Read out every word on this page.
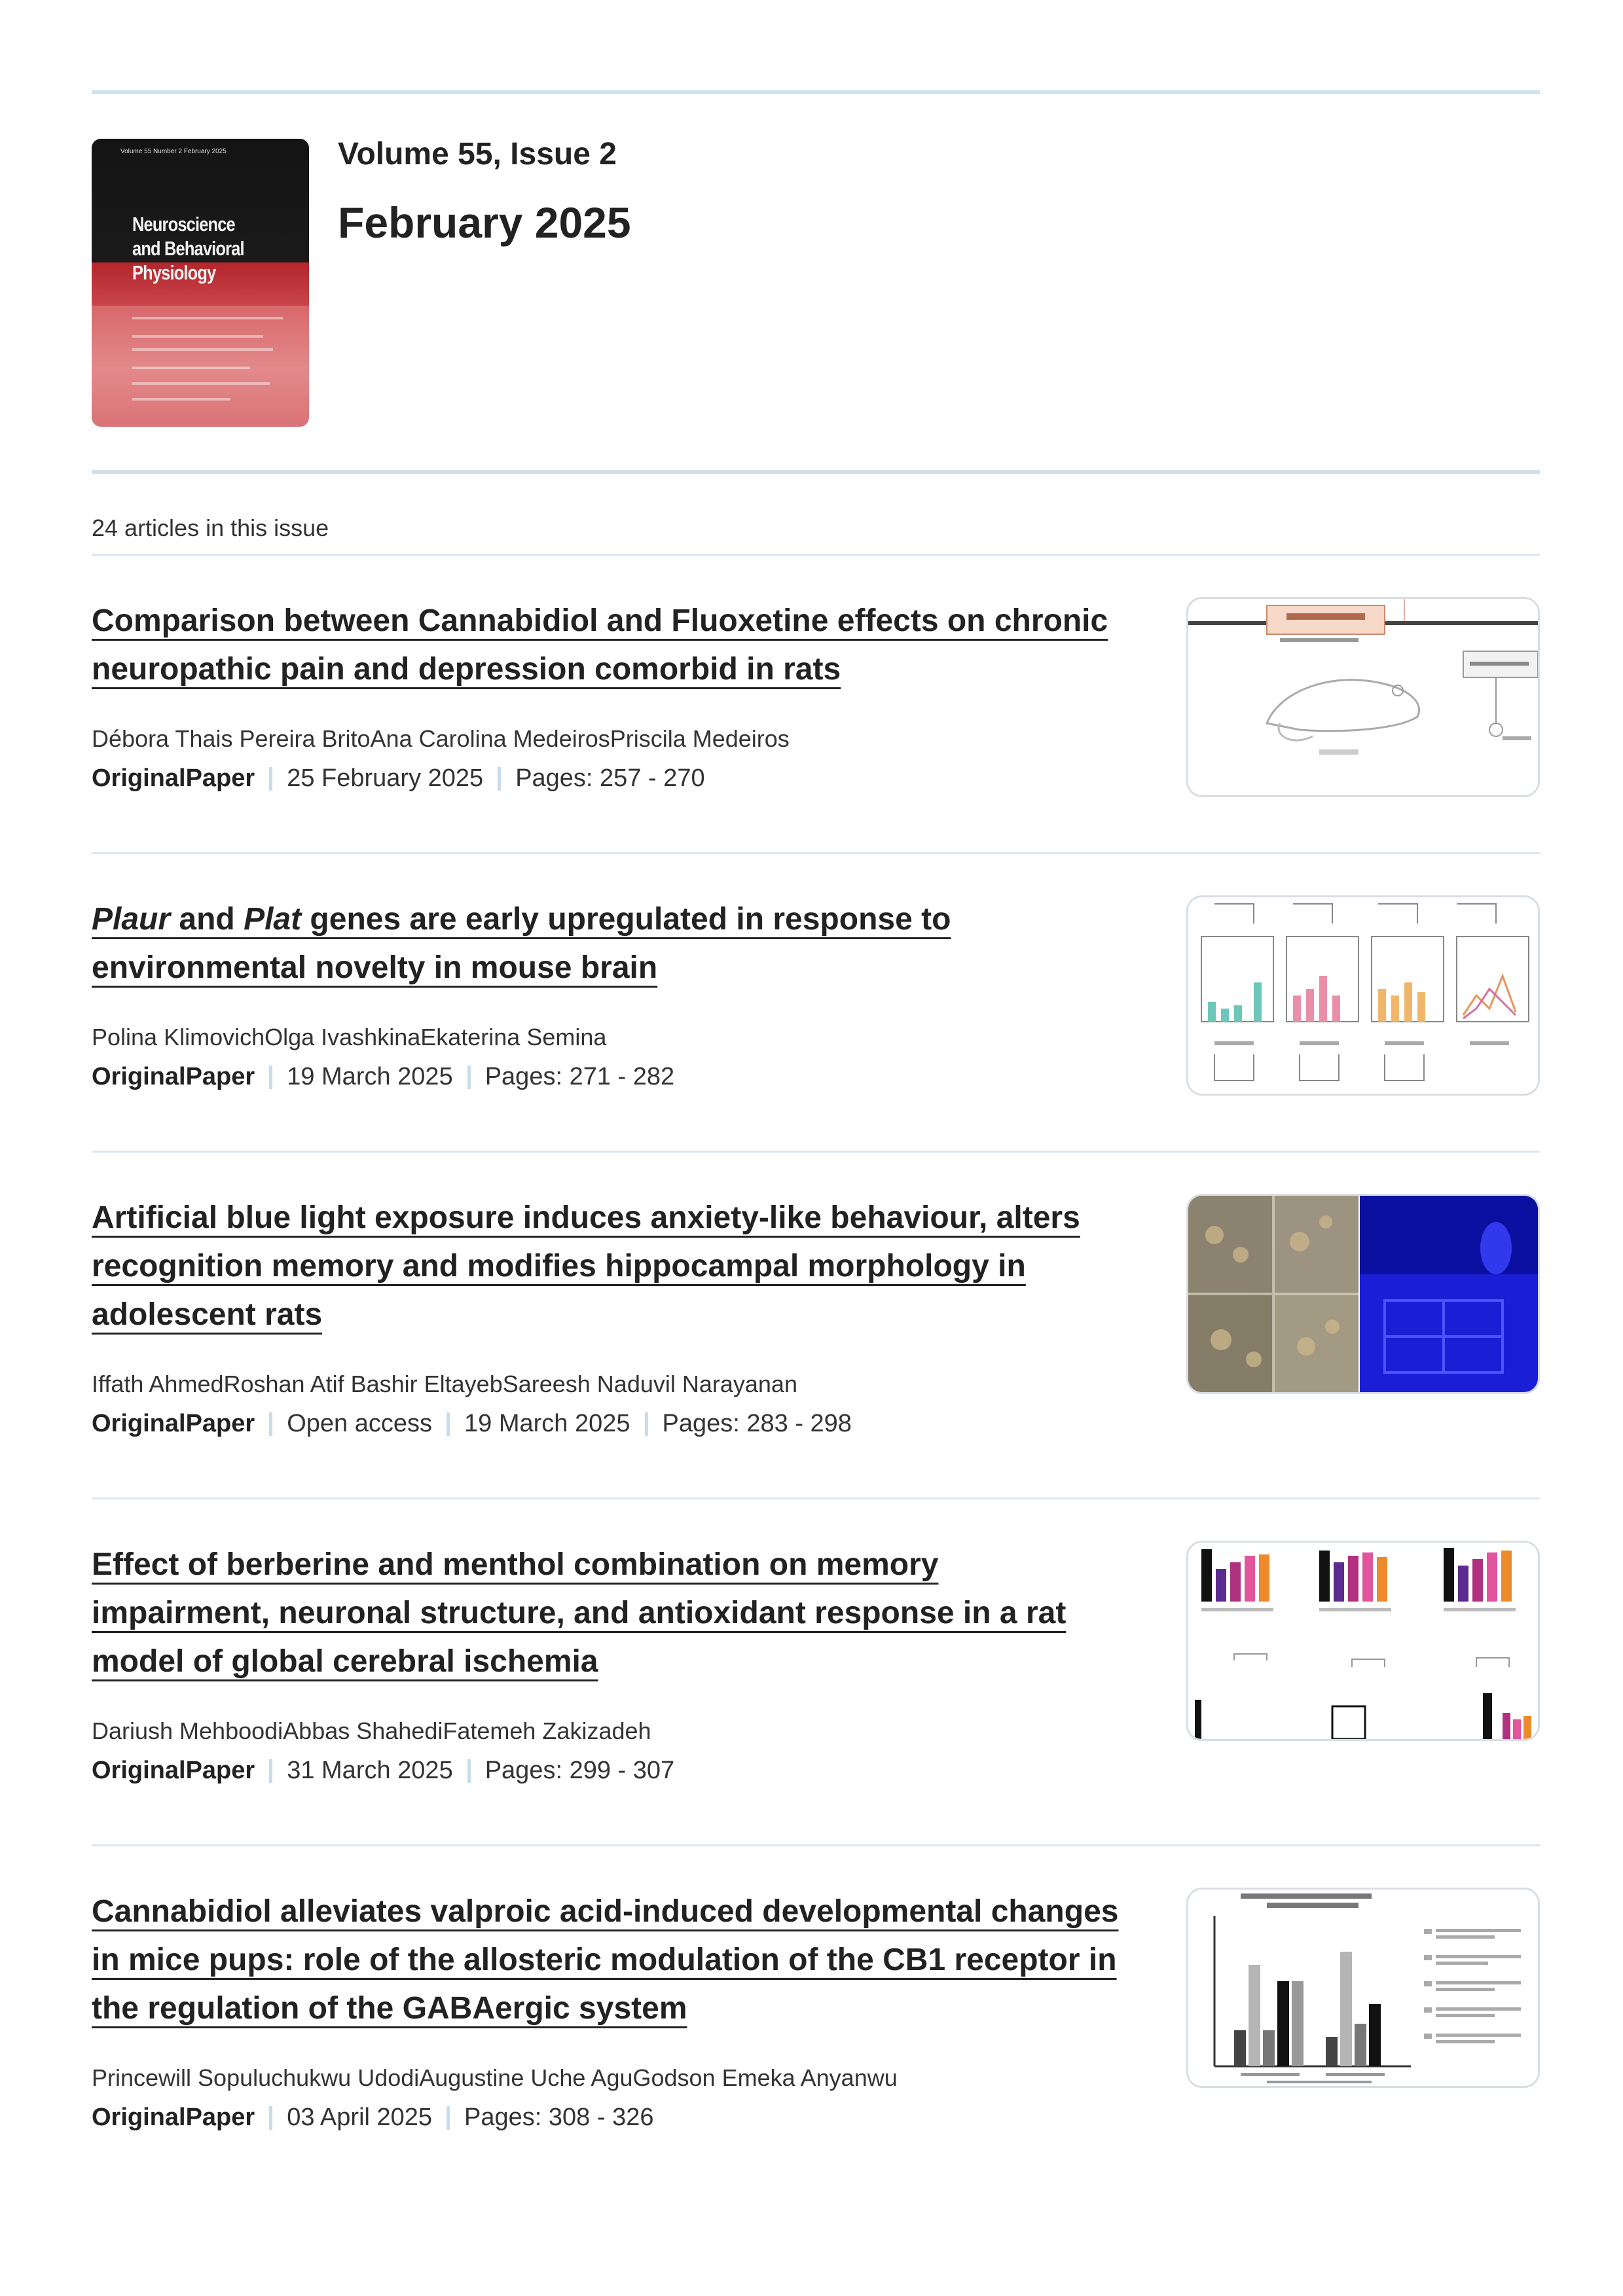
Volume 55 Number 2 February 2025
Neuroscience
and Behavioral
Physiology
Volume 55, Issue 2
February 2025
24 articles in this issue
Comparison between Cannabidiol and Fluoxetine effects on chronic neuropathic pain and depression comorbid in rats
Débora Thais Pereira BritoAna Carolina MedeirosPriscila Medeiros
OriginalPaper 25 February 2025 Pages: 257 - 270
Plaur and Plat genes are early upregulated in response to environmental novelty in mouse brain
Polina KlimovichOlga IvashkinaEkaterina Semina
OriginalPaper 19 March 2025 Pages: 271 - 282
Artificial blue light exposure induces anxiety-like behaviour, alters recognition memory and modifies hippocampal morphology in adolescent rats
Iffath AhmedRoshan Atif Bashir EltayebSareesh Naduvil Narayanan
OriginalPaper Open access 19 March 2025 Pages: 283 - 298
Effect of berberine and menthol combination on memory impairment, neuronal structure, and antioxidant response in a rat model of global cerebral ischemia
Dariush MehboodiAbbas ShahediFatemeh Zakizadeh
OriginalPaper 31 March 2025 Pages: 299 - 307
Cannabidiol alleviates valproic acid-induced developmental changes in mice pups: role of the allosteric modulation of the CB1 receptor in the regulation of the GABAergic system
Princewill Sopuluchukwu UdodiAugustine Uche AguGodson Emeka Anyanwu
OriginalPaper 03 April 2025 Pages: 308 - 326
